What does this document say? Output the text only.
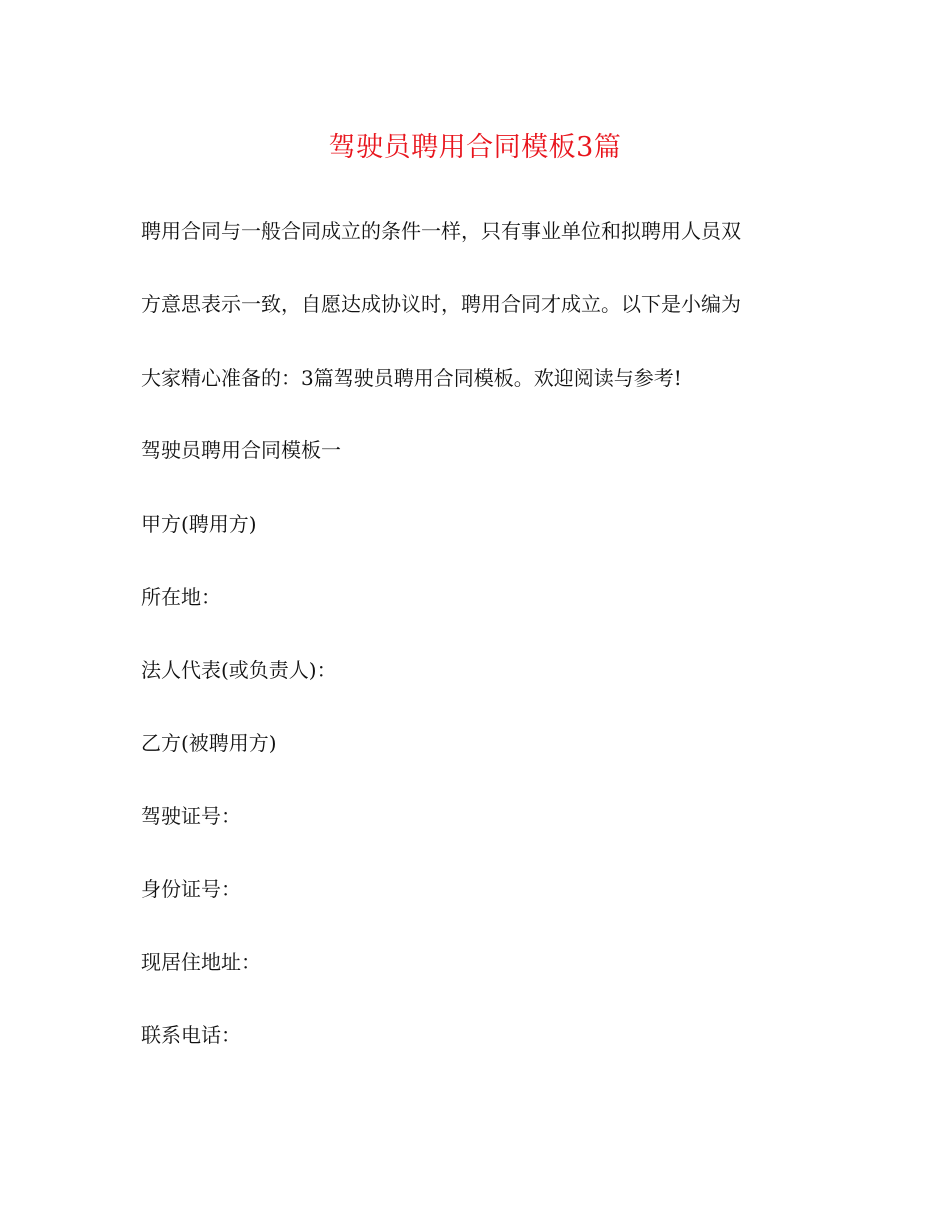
驾驶员聘用合同模板3篇
聘用合同与一般合同成立的条件一样，只有事业单位和拟聘用人员双
方意思表示一致，自愿达成协议时，聘用合同才成立。以下是小编为
大家精心准备的：3篇驾驶员聘用合同模板。欢迎阅读与参考!
驾驶员聘用合同模板一
甲方(聘用方)
所在地：
法人代表(或负责人)：
乙方(被聘用方)
驾驶证号：
身份证号：
现居住地址：
联系电话：
